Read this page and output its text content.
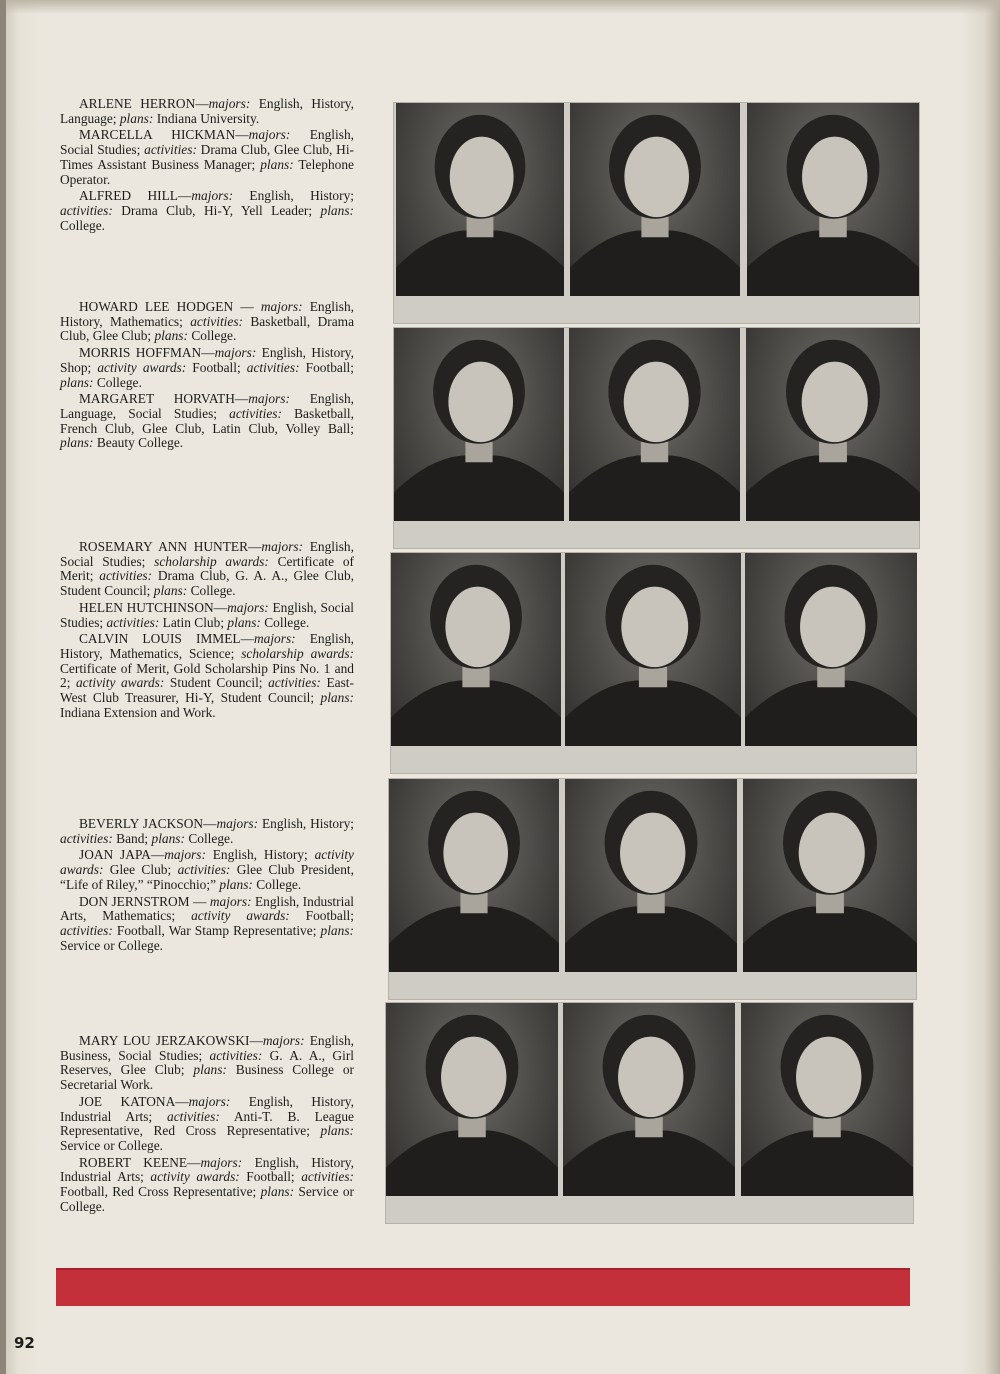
ARLENE HERRON—majors: English, History, Language; plans: Indiana University.

MARCELLA HICKMAN—majors: English, Social Studies; activities: Drama Club, Glee Club, Hi-Times Assistant Business Manager; plans: Telephone Operator.

ALFRED HILL—majors: English, History; activities: Drama Club, Hi-Y, Yell Leader; plans: College.

HOWARD LEE HODGEN — majors: English, History, Mathematics; activities: Basketball, Drama Club, Glee Club; plans: College.

MORRIS HOFFMAN—majors: English, History, Shop; activity awards: Football; activities: Football; plans: College.

MARGARET HORVATH—majors: English, Language, Social Studies; activities: Basketball, French Club, Glee Club, Latin Club, Volley Ball; plans: Beauty College.

ROSEMARY ANN HUNTER—majors: English, Social Studies; scholarship awards: Certificate of Merit; activities: Drama Club, G. A. A., Glee Club, Student Council; plans: College.

HELEN HUTCHINSON—majors: English, Social Studies; activities: Latin Club; plans: College.

CALVIN LOUIS IMMEL—majors: English, History, Mathematics, Science; scholarship awards: Certificate of Merit, Gold Scholarship Pins No. 1 and 2; activity awards: Student Council; activities: East-West Club Treasurer, Hi-Y, Student Council; plans: Indiana Extension and Work.

BEVERLY JACKSON—majors: English, History; activities: Band; plans: College.

JOAN JAPA—majors: English, History; activity awards: Glee Club; activities: Glee Club President, “Life of Riley,” “Pinocchio;” plans: College.

DON JERNSTROM — majors: English, Industrial Arts, Mathematics; activity awards: Football; activities: Football, War Stamp Representative; plans: Service or College.

MARY LOU JERZAKOWSKI—majors: English, Business, Social Studies; activities: G. A. A., Girl Reserves, Glee Club; plans: Business College or Secretarial Work.

JOE KATONA—majors: English, History, Industrial Arts; activities: Anti-T. B. League Representative, Red Cross Representative; plans: Service or College.

ROBERT KEENE—majors: English, History, Industrial Arts; activity awards: Football; activities: Football, Red Cross Representative; plans: Service or College.

92
